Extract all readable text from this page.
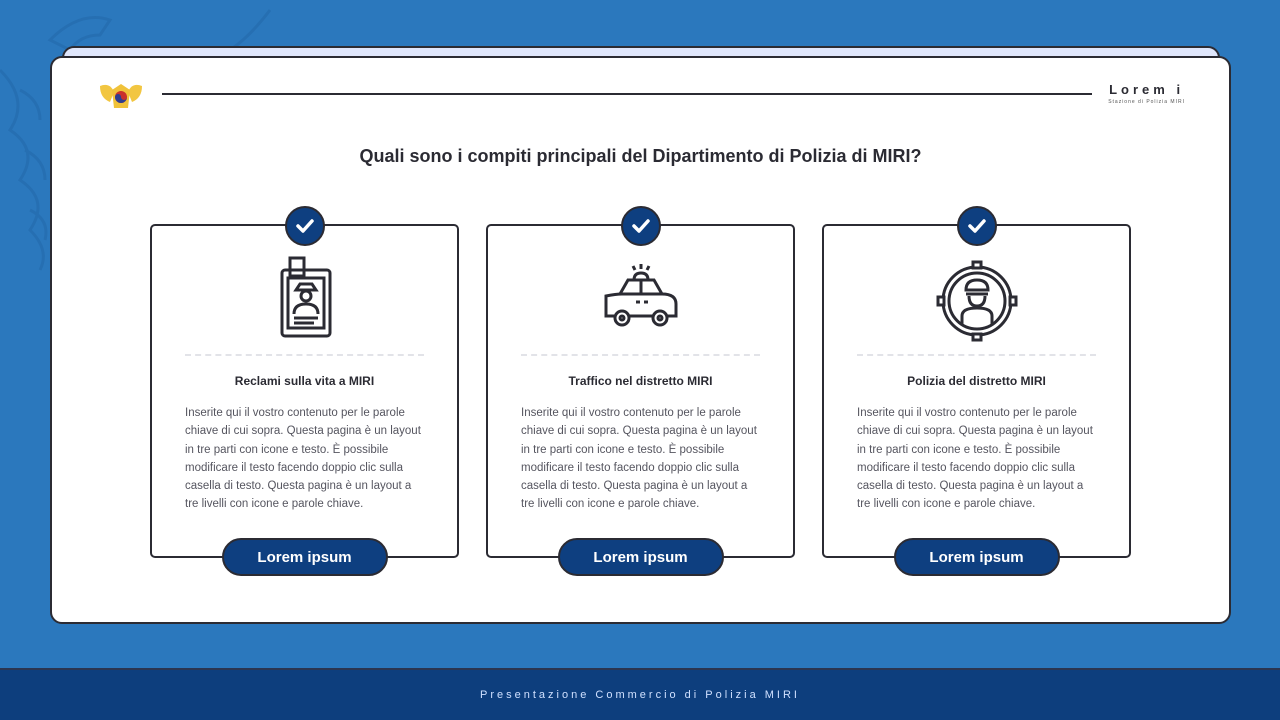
Lorem i
Stazione di Polizia MIRI
Quali sono i compiti principali del Dipartimento di Polizia di MIRI?
Reclami sulla vita a MIRI
Inserite qui il vostro contenuto per le parole chiave di cui sopra. Questa pagina è un layout in tre parti con icone e testo. È possibile modificare il testo facendo doppio clic sulla casella di testo. Questa pagina è un layout a tre livelli con icone e parole chiave.
Lorem ipsum
Traffico nel distretto MIRI
Inserite qui il vostro contenuto per le parole chiave di cui sopra. Questa pagina è un layout in tre parti con icone e testo. È possibile modificare il testo facendo doppio clic sulla casella di testo. Questa pagina è un layout a tre livelli con icone e parole chiave.
Lorem ipsum
Polizia del distretto MIRI
Inserite qui il vostro contenuto per le parole chiave di cui sopra. Questa pagina è un layout in tre parti con icone e testo. È possibile modificare il testo facendo doppio clic sulla casella di testo. Questa pagina è un layout a tre livelli con icone e parole chiave.
Lorem ipsum
Presentazione Commercio di Polizia MIRI
